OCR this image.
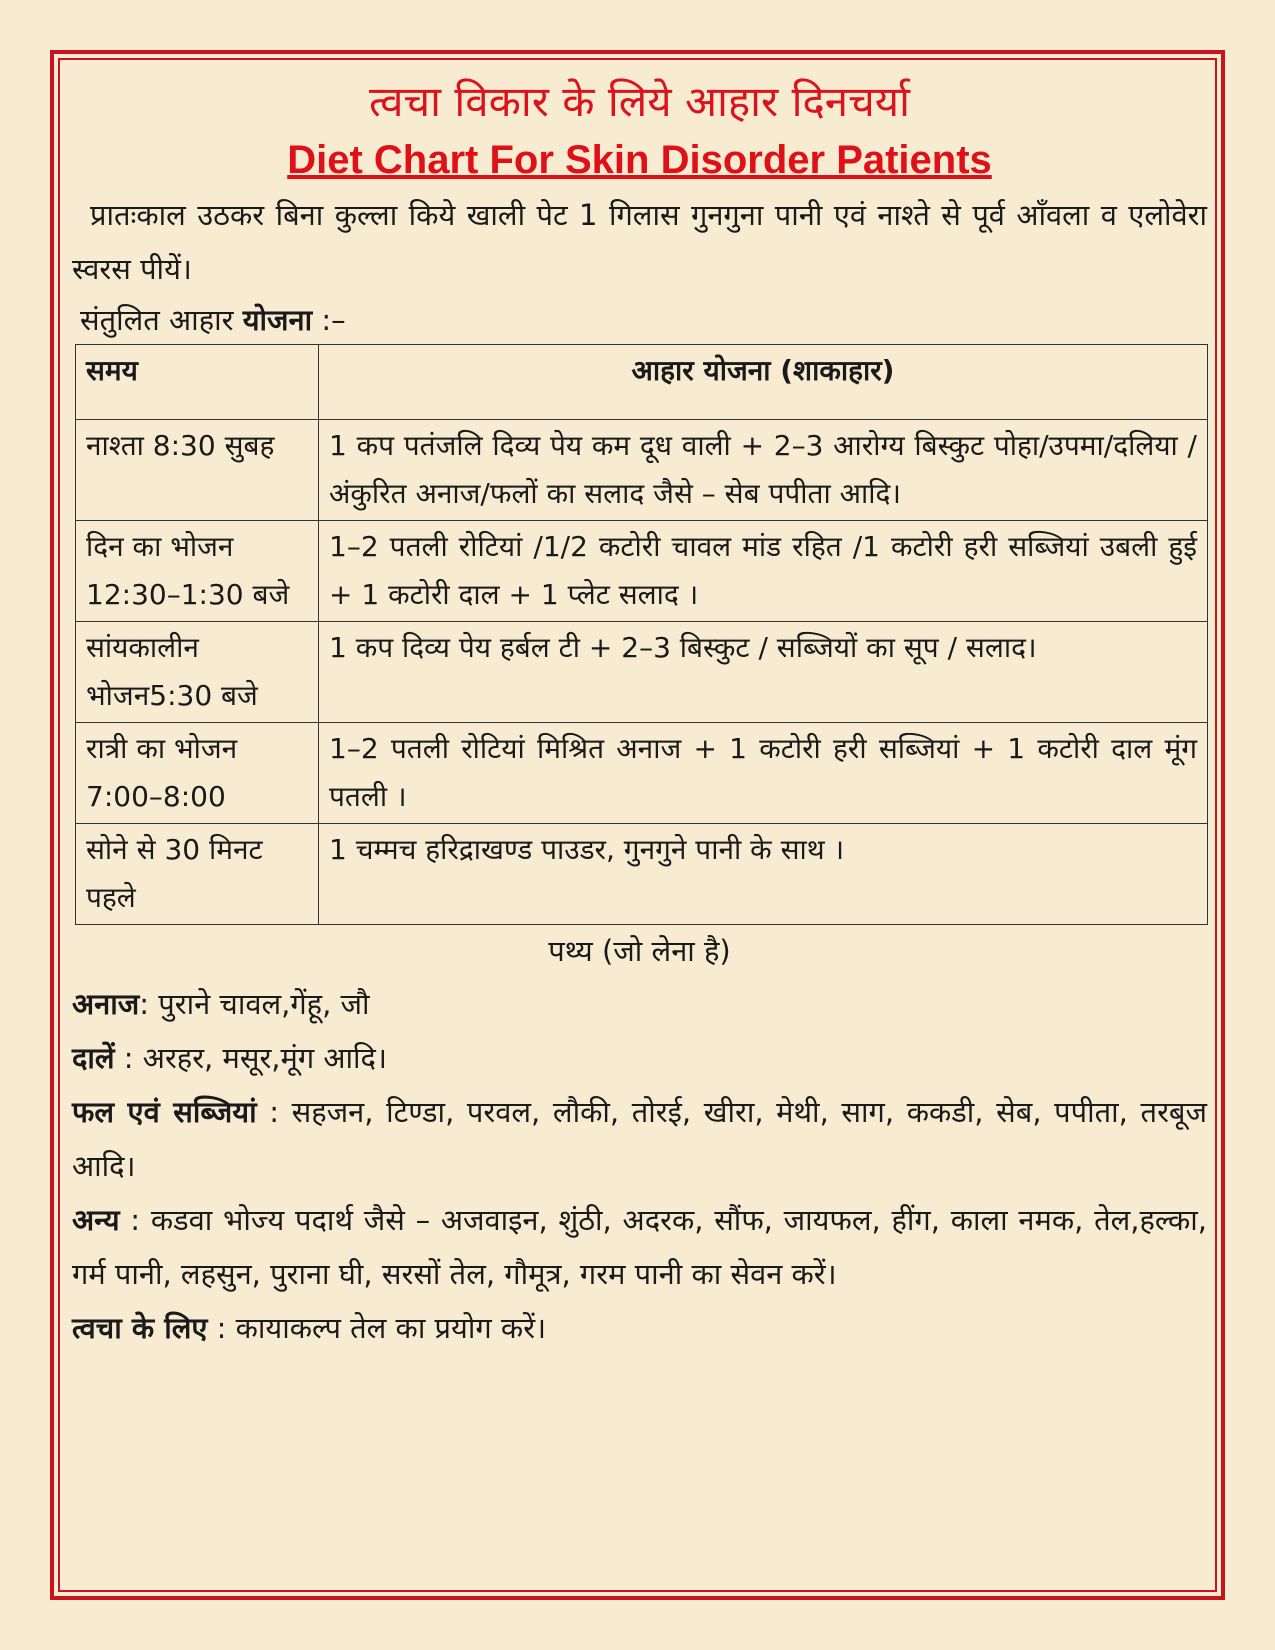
त्वचा विकार के लिये आहार दिनचर्या
Diet Chart For Skin Disorder Patients

प्रातःकाल उठकर बिना कुल्ला किये खाली पेट 1 गिलास गुनगुना पानी एवं नाश्ते से पूर्व आँवला व एलोवेरा स्वरस पीयें।

संतुलित आहार योजना :–
समय	आहार योजना (शाकाहार)
नाश्ता 8:30 सुबह	1 कप पतंजलि दिव्य पेय कम दूध वाली + 2–3 आरोग्य बिस्कुट पोहा/उपमा/दलिया /अंकुरित अनाज/फलों का सलाद जैसे – सेब पपीता आदि।
दिन का भोजन 12:30–1:30 बजे	1–2 पतली रोटियां /1/2 कटोरी चावल मांड रहित /1 कटोरी हरी सब्जियां उबली हुई + 1 कटोरी दाल + 1 प्लेट सलाद ।
सांयकालीन भोजन5:30 बजे	1 कप दिव्य पेय हर्बल टी + 2–3 बिस्कुट / सब्जियों का सूप / सलाद।
रात्री का भोजन 7:00–8:00	1–2 पतली रोटियां मिश्रित अनाज + 1 कटोरी हरी सब्जियां + 1 कटोरी दाल मूंग पतली ।
सोने से 30 मिनट पहले	1 चम्मच हरिद्राखण्ड पाउडर, गुनगुने पानी के साथ ।
पथ्य (जो लेना है)

अनाज: पुराने चावल,गेंहू, जौ

दालें : अरहर, मसूर,मूंग आदि।

फल एवं सब्जियां : सहजन, टिण्डा, परवल, लौकी, तोरई, खीरा, मेथी, साग, ककडी, सेब, पपीता, तरबूज आदि।

अन्य : कडवा भोज्य पदार्थ जैसे – अजवाइन, शुंठी, अदरक, सौंफ, जायफल, हींग, काला नमक, तेल,हल्का, गर्म पानी, लहसुन, पुराना घी, सरसों तेल, गौमूत्र, गरम पानी का सेवन करें।

त्वचा के लिए : कायाकल्प तेल का प्रयोग करें।
